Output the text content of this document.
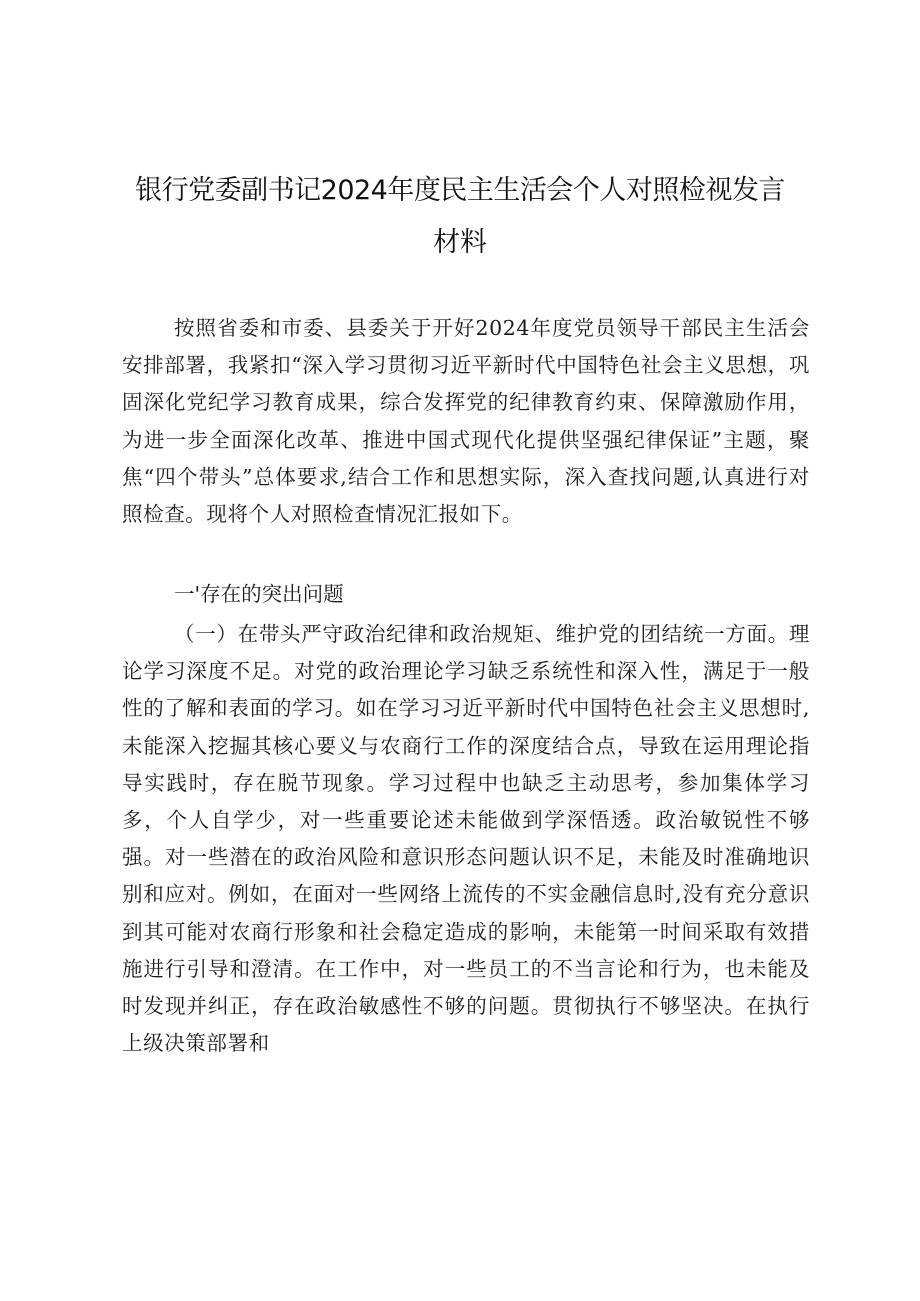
银行党委副书记2024年度民主生活会个人对照检视发言
材料

按照省委和市委、县委关于开好2024年度党员领导干部民主生活会安排部署，我紧扣“深入学习贯彻习近平新时代中国特色社会主义思想，巩固深化党纪学习教育成果，综合发挥党的纪律教育约束、保障激励作用，为进一步全面深化改革、推进中国式现代化提供坚强纪律保证”主题，聚焦“四个带头”总体要求,结合工作和思想实际，深入查找问题,认真进行对照检查。现将个人对照检查情况汇报如下。

一'存在的突出问题

（一）在带头严守政治纪律和政治规矩、维护党的团结统一方面。理论学习深度不足。对党的政治理论学习缺乏系统性和深入性，满足于一般性的了解和表面的学习。如在学习习近平新时代中国特色社会主义思想时,未能深入挖掘其核心要义与农商行工作的深度结合点，导致在运用理论指导实践时，存在脱节现象。学习过程中也缺乏主动思考，参加集体学习多，个人自学少，对一些重要论述未能做到学深悟透。政治敏锐性不够强。对一些潜在的政治风险和意识形态问题认识不足，未能及时准确地识别和应对。例如，在面对一些网络上流传的不实金融信息时,没有充分意识到其可能对农商行形象和社会稳定造成的影响，未能第一时间采取有效措施进行引导和澄清。在工作中，对一些员工的不当言论和行为，也未能及时发现并纠正，存在政治敏感性不够的问题。贯彻执行不够坚决。在执行上级决策部署和
